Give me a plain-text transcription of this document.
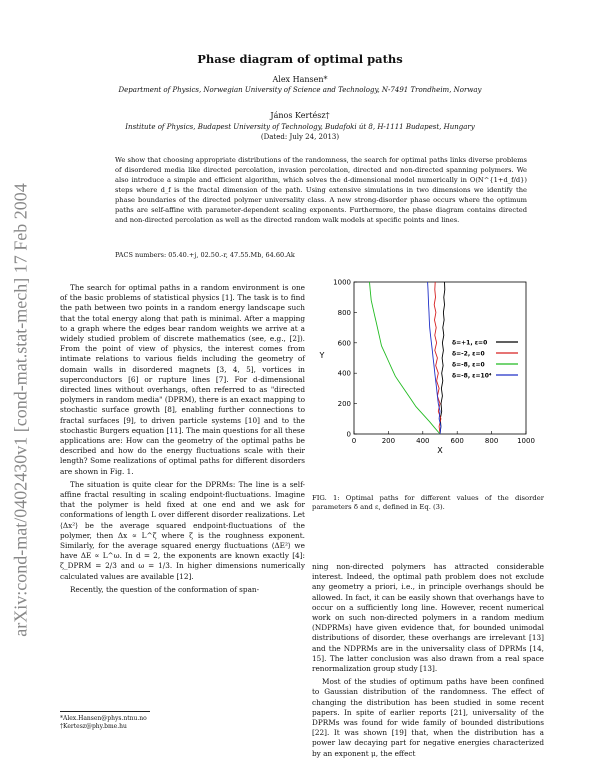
arXiv:cond-mat/0402430v1 [cond-mat.stat-mech] 17 Feb 2004
Phase diagram of optimal paths
Alex Hansen*
Department of Physics, Norwegian University of Science and Technology, N-7491 Trondheim, Norway
János Kertész†
Institute of Physics, Budapest University of Technology, Budafoki út 8, H-1111 Budapest, Hungary
(Dated: July 24, 2013)

We show that choosing appropriate distributions of the randomness, the search for optimal paths links diverse problems of disordered media like directed percolation, invasion percolation, directed and non-directed spanning polymers. We also introduce a simple and efficient algorithm, which solves the d-dimensional model numerically in O(N^{1+d_f/d}) steps where d_f is the fractal dimension of the path. Using extensive simulations in two dimensions we identify the phase boundaries of the directed polymer universality class. A new strong-disorder phase occurs where the optimum paths are self-affine with parameter-dependent scaling exponents. Furthermore, the phase diagram contains directed and non-directed percolation as well as the directed random walk models at specific points and lines.

PACS numbers: 05.40.+j, 02.50.-r, 47.55.Mb, 64.60.Ak

The search for optimal paths in a random environment is one of the basic problems of statistical physics [1]. The task is to find the path between two points in a random energy landscape such that the total energy along that path is minimal. After a mapping to a graph where the edges bear random weights we arrive at a widely studied problem of discrete mathematics (see, e.g., [2]). From the point of view of physics, the interest comes from intimate relations to various fields including the geometry of domain walls in disordered magnets [3, 4, 5], vortices in superconductors [6] or rupture lines [7]. For d-dimensional directed lines without overhangs, often referred to as "directed polymers in random media" (DPRM), there is an exact mapping to stochastic surface growth [8], enabling further connections to fractal surfaces [9], to driven particle systems [10] and to the stochastic Burgers equation [11]. The main questions for all these applications are: How can the geometry of the optimal paths be described and how do the energy fluctuations scale with their length? Some realizations of optimal paths for different disorders are shown in Fig. 1.

The situation is quite clear for the DPRMs: The line is a self-affine fractal resulting in scaling endpoint-fluctuations. Imagine that the polymer is held fixed at one end and we ask for conformations of length L over different disorder realizations. Let ⟨Δx²⟩ be the average squared endpoint-fluctuations of the polymer, then Δx ∝ L^ζ where ζ is the roughness exponent. Similarly, for the average squared energy fluctuations ⟨ΔE²⟩ we have ΔE ∝ L^ω. In d = 2, the exponents are known exactly [4]: ζ_DPRM = 2/3 and ω = 1/3. In higher dimensions numerically calculated values are available [12].

Recently, the question of the conformation of span-

0	200	400	600	800	1000
0
200
400
600
800
1000
X
Y
δ=+1, ε=0
δ=-2, ε=0
δ=-8, ε=0
δ=-8, ε=10⁴
FIG. 1: Optimal paths for different values of the disorder parameters δ and ε, defined in Eq. (3).

ning non-directed polymers has attracted considerable interest. Indeed, the optimal path problem does not exclude any geometry a priori, i.e., in principle overhangs should be allowed. In fact, it can be easily shown that overhangs have to occur on a sufficiently long line. However, recent numerical work on such non-directed polymers in a random medium (NDPRMs) have given evidence that, for bounded unimodal distributions of disorder, these overhangs are irrelevant [13] and the NDPRMs are in the universality class of DPRMs [14, 15]. The latter conclusion was also drawn from a real space renormalization group study [13].

Most of the studies of optimum paths have been confined to Gaussian distribution of the randomness. The effect of changing the distribution has been studied in some recent papers. In spite of earlier reports [21], universality of the DPRMs was found for wide family of bounded distributions [22]. It was shown [19] that, when the distribution has a power law decaying part for negative energies characterized by an exponent μ, the effect

*Alex.Hansen@phys.ntnu.no
†Kertesz@phy.bme.hu
